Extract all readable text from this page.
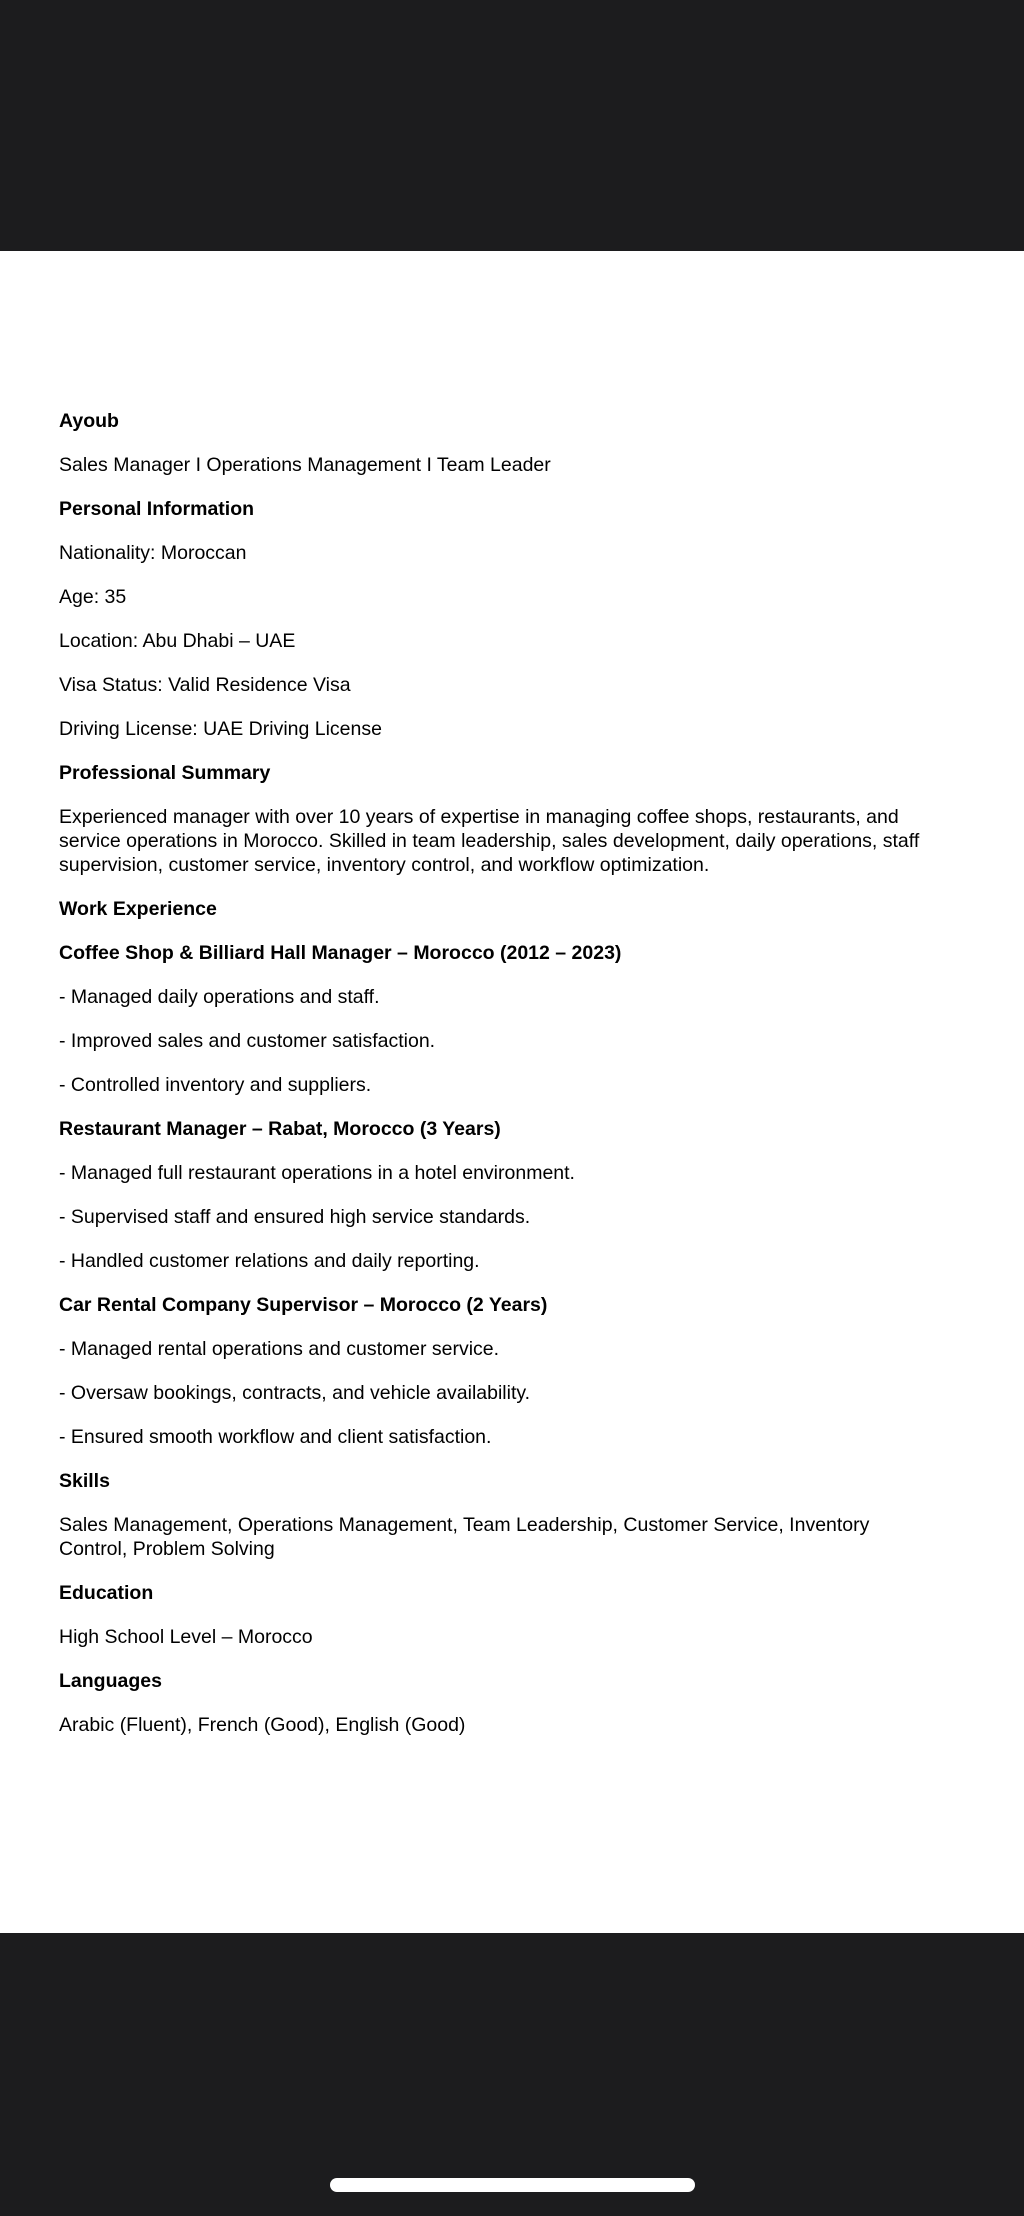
Ayoub
Sales Manager I Operations Management I Team Leader
Personal Information
Nationality: Moroccan
Age: 35
Location: Abu Dhabi – UAE
Visa Status: Valid Residence Visa
Driving License: UAE Driving License
Professional Summary
Experienced manager with over 10 years of expertise in managing coffee shops, restaurants, and service operations in Morocco. Skilled in team leadership, sales development, daily operations, staff supervision, customer service, inventory control, and workflow optimization.
Work Experience
Coffee Shop & Billiard Hall Manager – Morocco (2012 – 2023)
- Managed daily operations and staff.
- Improved sales and customer satisfaction.
- Controlled inventory and suppliers.
Restaurant Manager – Rabat, Morocco (3 Years)
- Managed full restaurant operations in a hotel environment.
- Supervised staff and ensured high service standards.
- Handled customer relations and daily reporting.
Car Rental Company Supervisor – Morocco (2 Years)
- Managed rental operations and customer service.
- Oversaw bookings, contracts, and vehicle availability.
- Ensured smooth workflow and client satisfaction.
Skills
Sales Management, Operations Management, Team Leadership, Customer Service, Inventory Control, Problem Solving
Education
High School Level – Morocco
Languages
Arabic (Fluent), French (Good), English (Good)
